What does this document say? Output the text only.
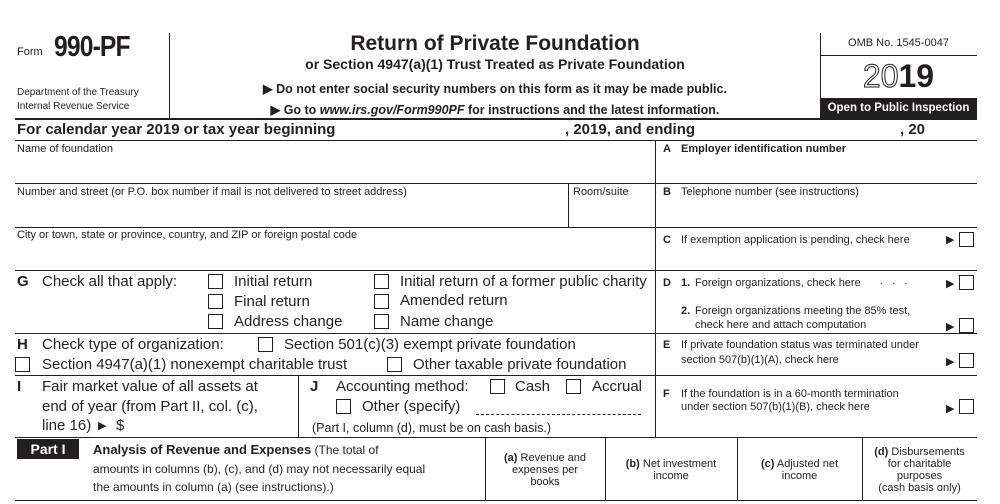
Form 990-PF
Department of the Treasury
Internal Revenue Service
Return of Private Foundation
or Section 4947(a)(1) Trust Treated as Private Foundation
▶ Do not enter social security numbers on this form as it may be made public.
▶ Go to www.irs.gov/Form990PF for instructions and the latest information.
OMB No. 1545-0047
2019
Open to Public Inspection
For calendar year 2019 or tax year beginning	, 2019, and ending	, 20
Name of foundation
Number and street (or P.O. box number if mail is not delivered to street address)	Room/suite
City or town, state or province, country, and ZIP or foreign postal code
A Employer identification number
B Telephone number (see instructions)
C If exemption application is pending, check here	▶
G Check all that apply:	Initial return
Final return
Address change
Initial return of a former public charity
Amended return
Name change
H Check type of organization:	Section 501(c)(3) exempt private foundation
Section 4947(a)(1) nonexempt charitable trust	Other taxable private foundation
I Fair market value of all assets at
end of year (from Part II, col. (c),
line 16) ▶ $
J Accounting method:	Cash	Accrual
Other (specify)
(Part I, column (d), must be on cash basis.)
D 1. Foreign organizations, check here .   .   .	▶
2. Foreign organizations meeting the 85% test,
check here and attach computation	▶
E If private foundation status was terminated under
section 507(b)(1)(A), check here	▶
F If the foundation is in a 60-month termination
under section 507(b)(1)(B), check here	▶
Part I	Analysis of Revenue and Expenses (The total of
amounts in columns (b), (c), and (d) may not necessarily equal
the amounts in column (a) (see instructions).)
(a) Revenue and
expenses per
books
(b) Net investment
income
(c) Adjusted net
income
(d) Disbursements
for charitable
purposes
(cash basis only)
